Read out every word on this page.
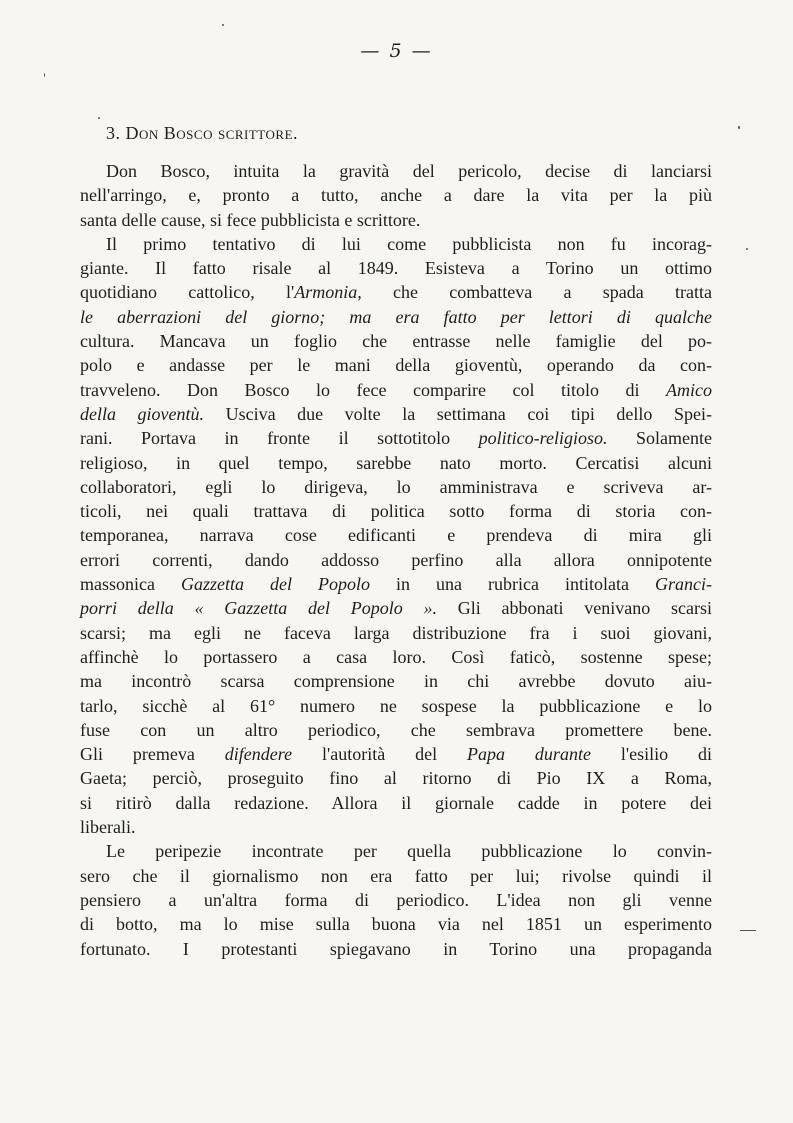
— 5 —
3. Don Bosco scrittore.
Don Bosco, intuita la gravità del pericolo, decise di lanciarsi
nell'arringo, e, pronto a tutto, anche a dare la vita per la più
santa delle cause, si fece pubblicista e scrittore.
Il primo tentativo di lui come pubblicista non fu incorag-
giante. Il fatto risale al 1849. Esisteva a Torino un ottimo
quotidiano cattolico, l'Armonia, che combatteva a spada tratta
le aberrazioni del giorno; ma era fatto per lettori di qualche
cultura. Mancava un foglio che entrasse nelle famiglie del po-
polo e andasse per le mani della gioventù, operando da con-
travveleno. Don Bosco lo fece comparire col titolo di Amico
della gioventù. Usciva due volte la settimana coi tipi dello Spei-
rani. Portava in fronte il sottotitolo politico-religioso. Solamente
religioso, in quel tempo, sarebbe nato morto. Cercatisi alcuni
collaboratori, egli lo dirigeva, lo amministrava e scriveva ar-
ticoli, nei quali trattava di politica sotto forma di storia con-
temporanea, narrava cose edificanti e prendeva di mira gli
errori correnti, dando addosso perfino alla allora onnipotente
massonica Gazzetta del Popolo in una rubrica intitolata Granci-
porri della « Gazzetta del Popolo ». Gli abbonati venivano scarsi
scarsi; ma egli ne faceva larga distribuzione fra i suoi giovani,
affinchè lo portassero a casa loro. Così faticò, sostenne spese;
ma incontrò scarsa comprensione in chi avrebbe dovuto aiu-
tarlo, sicchè al 61° numero ne sospese la pubblicazione e lo
fuse con un altro periodico, che sembrava promettere bene.
Gli premeva difendere l'autorità del Papa durante l'esilio di
Gaeta; perciò, proseguito fino al ritorno di Pio IX a Roma,
si ritirò dalla redazione. Allora il giornale cadde in potere dei
liberali.
Le peripezie incontrate per quella pubblicazione lo convin-
sero che il giornalismo non era fatto per lui; rivolse quindi il
pensiero a un'altra forma di periodico. L'idea non gli venne
di botto, ma lo mise sulla buona via nel 1851 un esperimento
fortunato. I protestanti spiegavano in Torino una propaganda
